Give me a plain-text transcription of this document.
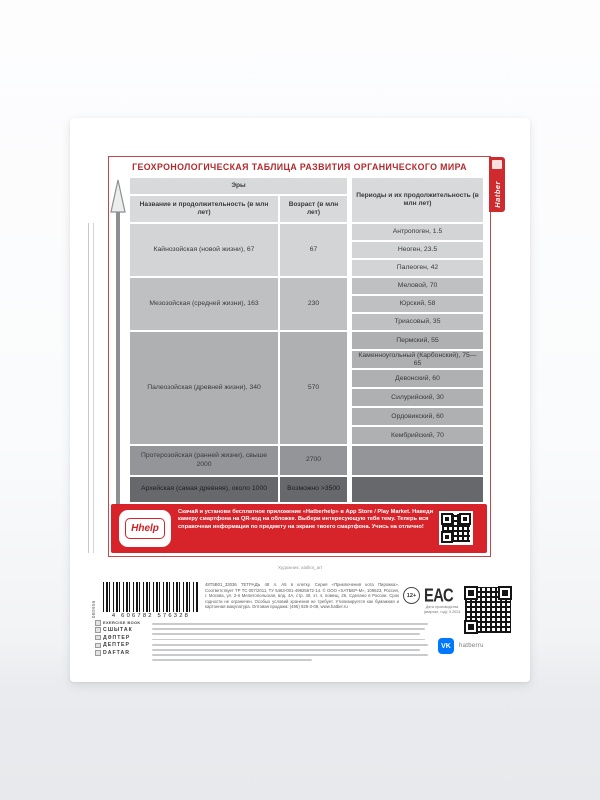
ГЕОХРОНОЛОГИЧЕСКАЯ ТАБЛИЦА РАЗВИТИЯ ОРГАНИЧЕСКОГО МИРА
Эры
Название и продолжительность (в млн лет)
Возраст (в млн лет)
Периоды и их продолжительность (в млн лет)
Кайнозойская (новой жизни), 67	67
Антропоген, 1.5
Неоген, 23.5
Палеоген, 42
Мезозойская (средней жизни), 163	230
Меловой, 70
Юрский, 58
Триасовый, 35
Палеозойская (древней жизни), 340	570
Пермский, 55
Каменноугольный (Карбонский), 75—65
Девонский, 60
Силурийский, 30
Ордовикский, 60
Кембрийский, 70
Протерозойская (ранней жизни), свыше 2000
2700
Архейская (самая древняя), около 1000	Возможно >3500
Hatber
Hhelp
Скачай и установи бесплатное приложение «Hatberhelp» в App Store / Play Market. Наведи камеру смартфона на QR-код на обложке. Выбери интересующую тебя тему. Теперь вся справочная информация по предмету на экране твоего смартфона. Учись на отлично!
Художник: alalliot_art
0В9956	4 606782 576328
48Т5В01_33036 ТЕТРАДЬ 48 л. А5 в клетку. Серия «Приключения кота Пирожка». Соответствует ТР ТС 007/2011, ТУ 5463-001-49925672-14. © ООО «ХАТБЕР-М», 109523, Россия, г. Москва, ул. 2-я Мелитопольская, влд. 4А, стр. 40, эт. 4, помещ. 26. Сделано в России. Срок годности не ограничен. Особых условий хранения не требует. Утилизируется как бумажная и картонная макулатура. Оптовая продажа: (495) 925-3-08, www.hatber.ru
12+ ЕАС
Дата производства (квартал, год): II.2024
EXERCISE BOOK
СШЫТАК
ДӘПТЕР
ДЕПТЕР
DAFTAR
VK	hatberru
